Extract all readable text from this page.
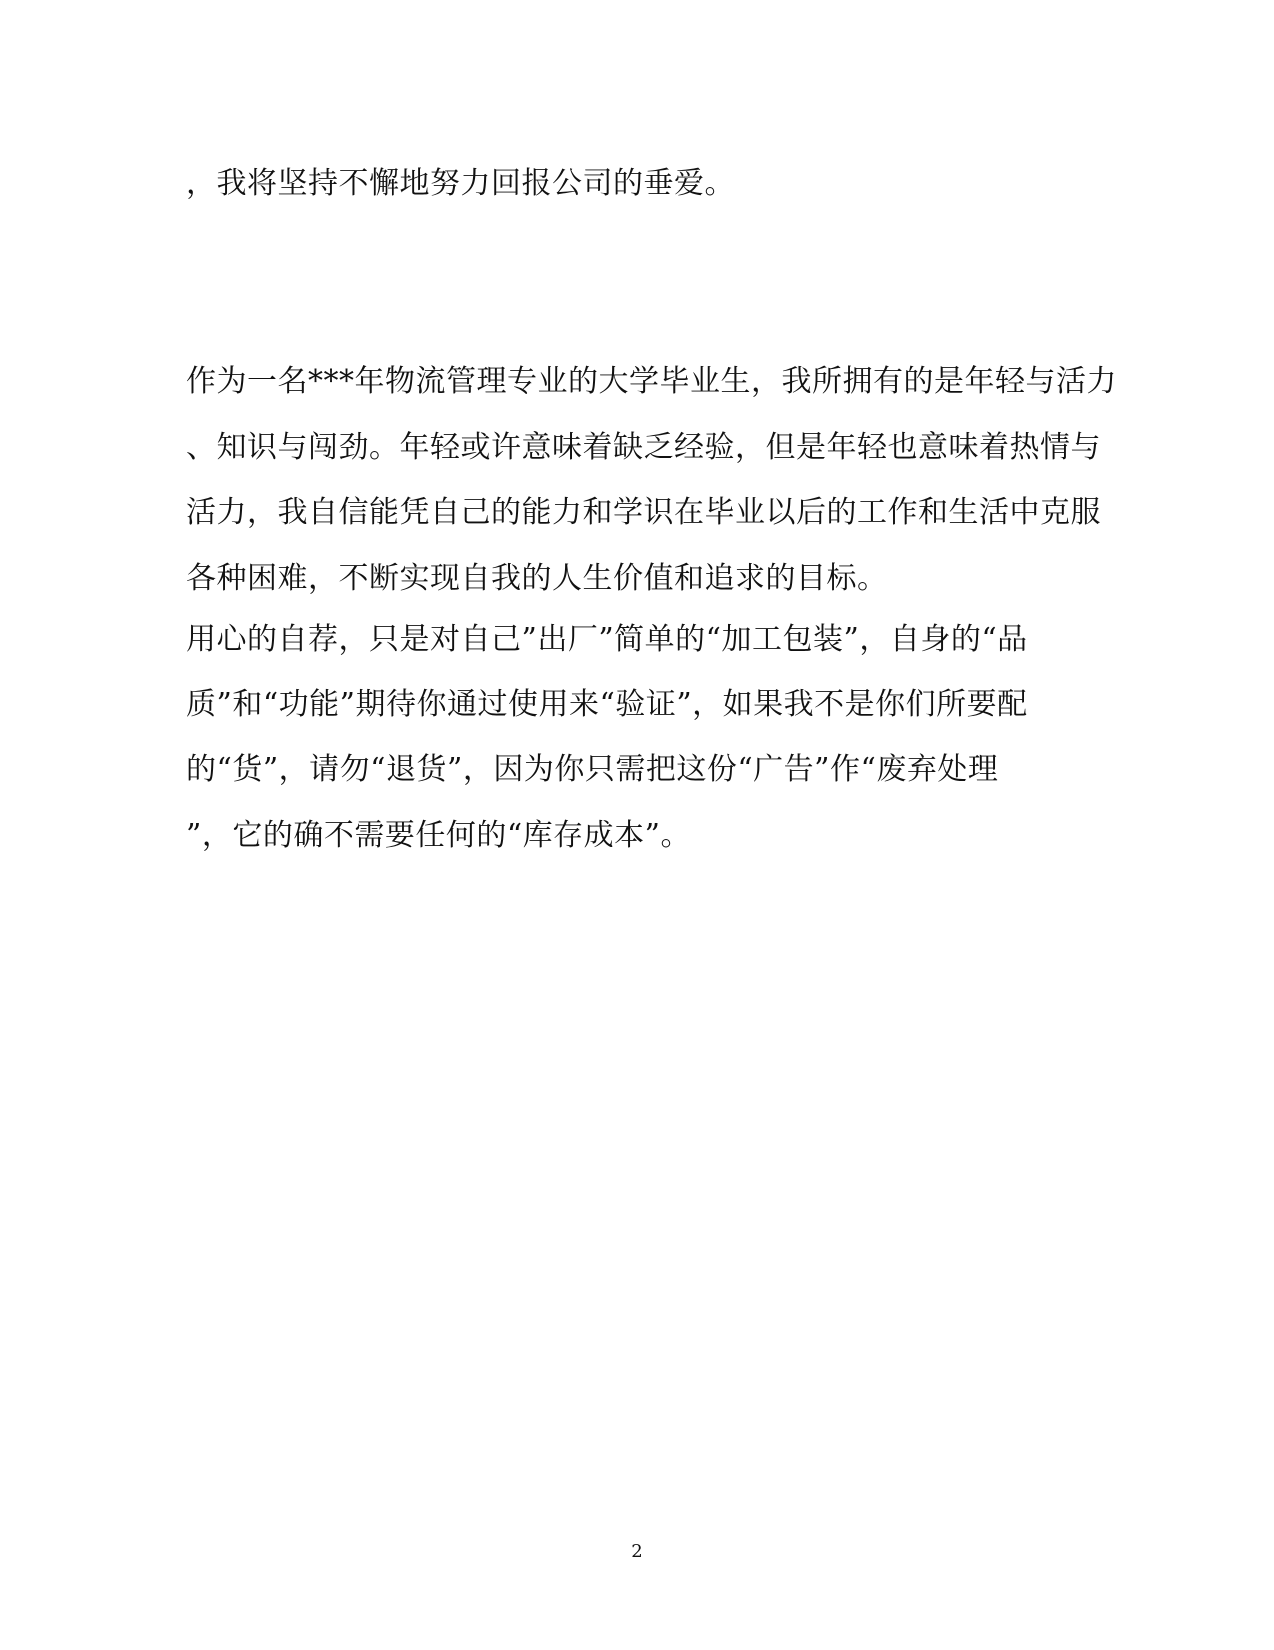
，我将坚持不懈地努力回报公司的垂爱。
作为一名***年物流管理专业的大学毕业生，我所拥有的是年轻与活力
、知识与闯劲。年轻或许意味着缺乏经验，但是年轻也意味着热情与
活力，我自信能凭自己的能力和学识在毕业以后的工作和生活中克服
各种困难，不断实现自我的人生价值和追求的目标。
用心的自荐，只是对自己”出厂”简单的“加工包装”，自身的“品
质”和“功能”期待你通过使用来“验证”，如果我不是你们所要配
的“货”，请勿“退货”，因为你只需把这份“广告”作“废弃处理
”，它的确不需要任何的“库存成本”。
2
